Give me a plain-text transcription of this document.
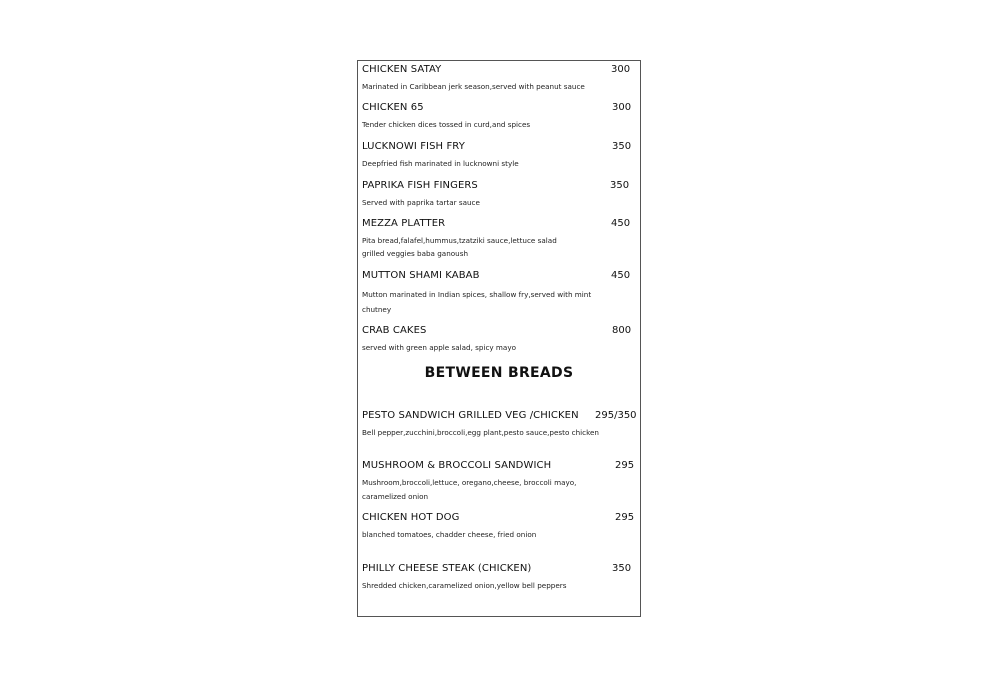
CHICKEN SATAY	300
Marinated in Caribbean jerk season,served with peanut sauce
CHICKEN 65	300
Tender chicken dices tossed in curd,and spices
LUCKNOWI FISH FRY	350
Deepfried fish marinated in lucknowni style
PAPRIKA FISH FINGERS	350
Served with paprika tartar sauce
MEZZA PLATTER	450
Pita bread,falafel,hummus,tzatziki sauce,lettuce salad
grilled veggies baba ganoush
MUTTON SHAMI KABAB	450
Mutton marinated in Indian spices, shallow fry,served with mint
chutney
CRAB CAKES	800
served with green apple salad, spicy mayo
BETWEEN BREADS
PESTO SANDWICH GRILLED VEG /CHICKEN 295/350
Bell pepper,zucchini,broccoli,egg plant,pesto sauce,pesto chicken
MUSHROOM & BROCCOLI SANDWICH	295
Mushroom,broccoli,lettuce, oregano,cheese, broccoli mayo,
caramelized onion
CHICKEN HOT DOG	295
blanched tomatoes, chadder cheese, fried onion
PHILLY CHEESE STEAK (CHICKEN)	350
Shredded chicken,caramelized onion,yellow bell peppers
